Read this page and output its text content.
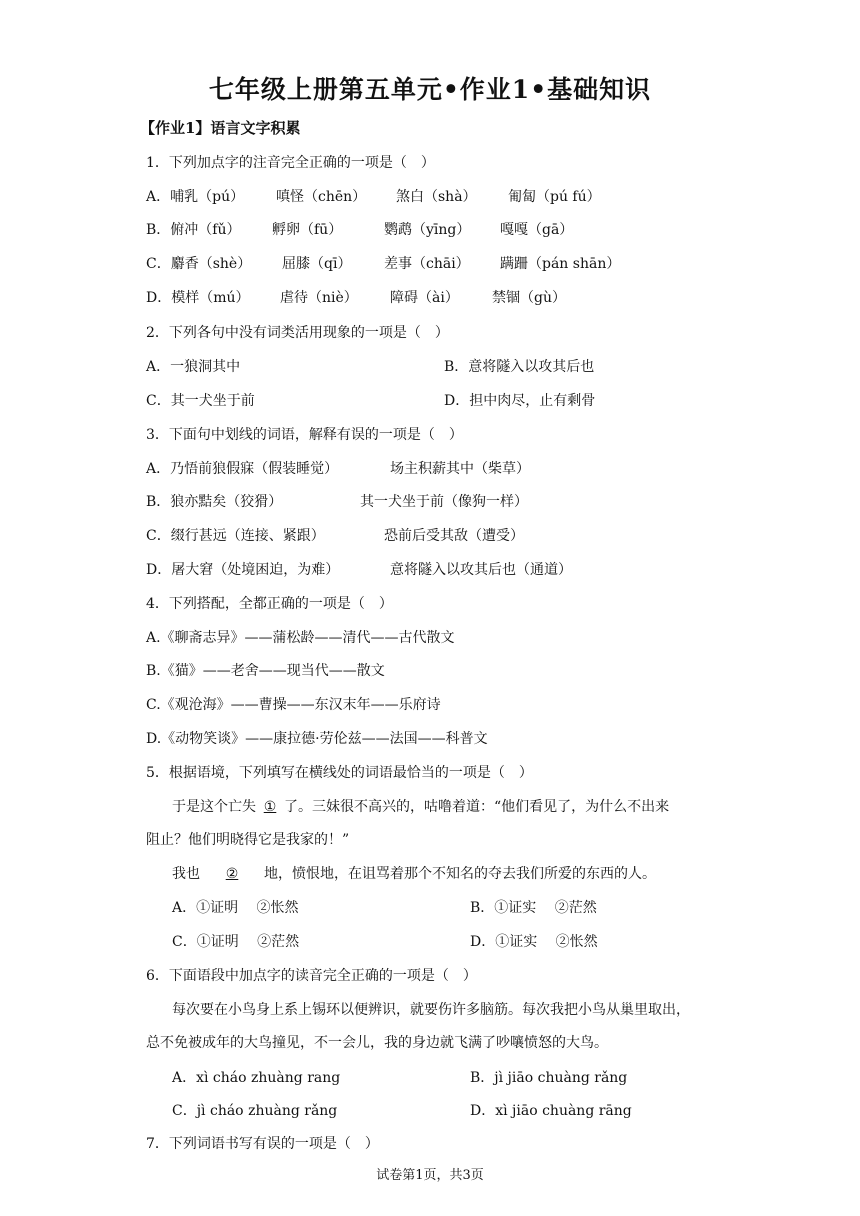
七年级上册第五单元•作业1•基础知识
【作业1】语言文字积累
1．下列加点字的注音完全正确的一项是（　）
A．哺乳（pú） 嗔怪（chēn） 煞白（shà） 匍匐（pú fú）
B．俯冲（fǔ） 孵卵（fū）	鹦鹉（yīng） 嘎嘎（gā）
C．麝香（shè） 屈膝（qī） 差事（chāi） 蹒跚（pán shān）
D．模样（mú） 虐待（niè） 障碍（ài） 禁锢（gù）
2．下列各句中没有词类活用现象的一项是（　）
A．一狼洞其中	B．意将隧入以攻其后也
C．其一犬坐于前	D．担中肉尽，止有剩骨
3．下面句中划线的词语，解释有误的一项是（　）
A．乃悟前狼假寐（假装睡觉）	场主积薪其中（柴草）
B．狼亦黠矣（狡猾）	其一犬坐于前（像狗一样）
C．缀行甚远（连接、紧跟）	恐前后受其敌（遭受）
D．屠大窘（处境困迫，为难）	意将隧入以攻其后也（通道）
4．下列搭配，全都正确的一项是（　）
A.《聊斋志异》——蒲松龄——清代——古代散文
B.《猫》——老舍——现当代——散文
C.《观沧海》——曹操——东汉末年——乐府诗
D.《动物笑谈》——康拉德·劳伦兹——法国——科普文
5．根据语境，下列填写在横线处的词语最恰当的一项是（　）
于是这个亡失 ① 了。三妹很不高兴的，咕噜着道：“他们看见了，为什么不出来
阻止？他们明晓得它是我家的！”
我也 ② 地，愤恨地，在诅骂着那个不知名的夺去我们所爱的东西的人。
A．①证明　 ②怅然	B．①证实　 ②茫然
C．①证明　 ②茫然	D．①证实　 ②怅然
6．下面语段中加点字的读音完全正确的一项是（　）
每次要在小鸟身上系上锡环以便辨识，就要伤许多脑筋。每次我把小鸟从巢里取出，
总不免被成年的大鸟撞见，不一会儿，我的身边就飞满了吵嚷愤怒的大鸟。
A．xì cháo zhuàng rang	B．jì jiāo chuàng rǎng
C．jì cháo zhuàng rǎng	D．xì jiāo chuàng rāng
7．下列词语书写有误的一项是（　）
试卷第1页，共3页
